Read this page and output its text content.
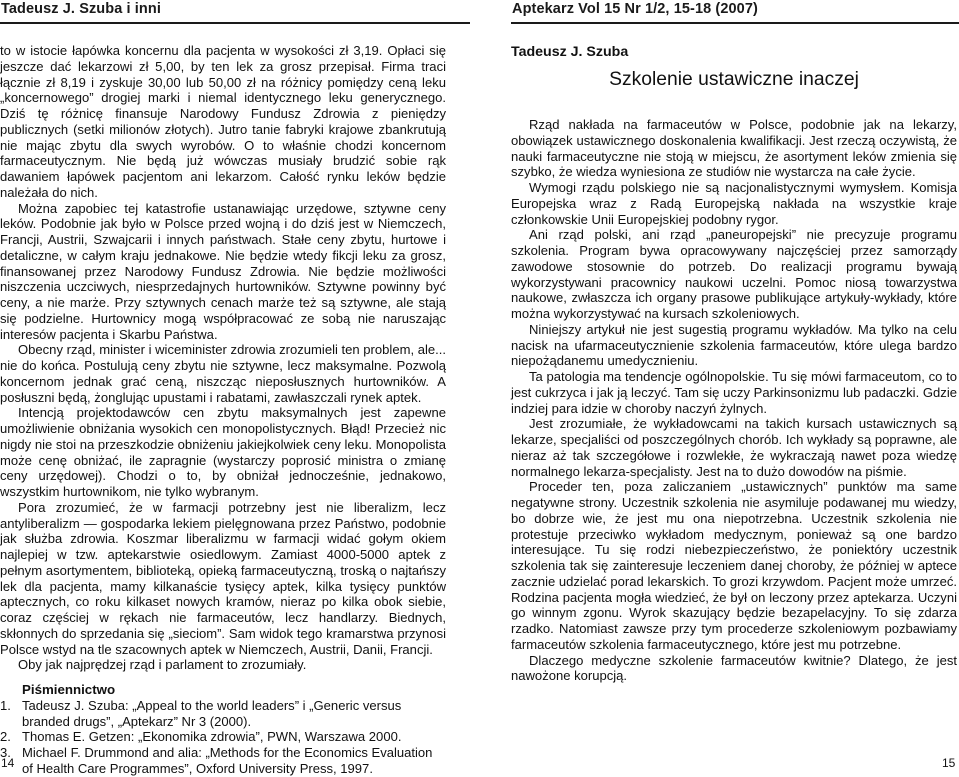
Tadeusz J. Szuba i inni	Aptekarz Vol 15 Nr 1/2, 15-18 (2007)

to w istocie łapówka koncernu dla pacjenta w wysokości zł 3,19. Opłaci się jeszcze dać lekarzowi zł 5,00, by ten lek za grosz przepisał. Firma traci łącznie zł 8,19 i zyskuje 30,00 lub 50,00 zł na różnicy pomiędzy ceną leku „koncernowego” drogiej marki i niemal identycznego leku generycznego. Dziś tę różnicę finansuje Narodowy Fundusz Zdrowia z pieniędzy publicznych (setki milionów złotych). Jutro tanie fabryki krajowe zbankrutują nie mając zbytu dla swych wyrobów. O to właśnie chodzi koncernom farmaceutycznym. Nie będą już wówczas musiały brudzić sobie rąk dawaniem łapówek pacjentom ani lekarzom. Całość rynku leków będzie należała do nich.

Można zapobiec tej katastrofie ustanawiając urzędowe, sztywne ceny leków. Podobnie jak było w Polsce przed wojną i do dziś jest w Niemczech, Francji, Austrii, Szwajcarii i innych państwach. Stałe ceny zbytu, hurtowe i detaliczne, w całym kraju jednakowe. Nie będzie wtedy fikcji leku za grosz, finansowanej przez Narodowy Fundusz Zdrowia. Nie będzie możliwości niszczenia uczciwych, niesprzedajnych hurtowników. Sztywne powinny być ceny, a nie marże. Przy sztywnych cenach marże też są sztywne, ale stają się podzielne. Hurtownicy mogą współpracować ze sobą nie naruszając interesów pacjenta i Skarbu Państwa.

Obecny rząd, minister i wiceminister zdrowia zrozumieli ten problem, ale... nie do końca. Postulują ceny zbytu nie sztywne, lecz maksymalne. Pozwolą koncernom jednak grać ceną, niszcząc nieposłusznych hurtowników. A posłuszni będą, żonglując upustami i rabatami, zawłaszczali rynek aptek.

Intencją projektodawców cen zbytu maksymalnych jest zapewne umożliwienie obniżania wysokich cen monopolistycznych. Błąd! Przecież nic nigdy nie stoi na przeszkodzie obniżeniu jakiejkolwiek ceny leku. Monopolista może cenę obniżać, ile zapragnie (wystarczy poprosić ministra o zmianę ceny urzędowej). Chodzi o to, by obniżał jednocześnie, jednakowo, wszystkim hurtownikom, nie tylko wybranym.

Pora zrozumieć, że w farmacji potrzebny jest nie liberalizm, lecz antyliberalizm — gospodarka lekiem pielęgnowana przez Państwo, podobnie jak służba zdrowia. Koszmar liberalizmu w farmacji widać gołym okiem najlepiej w tzw. aptekarstwie osiedlowym. Zamiast 4000-5000 aptek z pełnym asortymentem, biblioteką, opieką farmaceutyczną, troską o najtańszy lek dla pacjenta, mamy kilkanaście tysięcy aptek, kilka tysięcy punktów aptecznych, co roku kilkaset nowych kramów, nieraz po kilka obok siebie, coraz częściej w rękach nie farmaceutów, lecz handlarzy. Biednych, skłonnych do sprzedania się „sieciom”. Sam widok tego kramarstwa przynosi Polsce wstyd na tle szacownych aptek w Niemczech, Austrii, Danii, Francji.

Oby jak najprędzej rząd i parlament to zrozumiały.

Piśmiennictwo
1. Tadeusz J. Szuba: „Appeal to the world leaders” i „Generic versus branded drugs”, „Aptekarz” Nr 3 (2000).
2. Thomas E. Getzen: „Ekonomika zdrowia”, PWN, Warszawa 2000.
3. Michael F. Drummond and alia: „Methods for the Economics Evaluation of Health Care Programmes”, Oxford University Press, 1997.
Tadeusz J. Szuba
Szkolenie ustawiczne inaczej

Rząd nakłada na farmaceutów w Polsce, podobnie jak na lekarzy, obowiązek ustawicznego doskonalenia kwalifikacji. Jest rzeczą oczywistą, że nauki farmaceutyczne nie stoją w miejscu, że asortyment leków zmienia się szybko, że wiedza wyniesiona ze studiów nie wystarcza na całe życie.

Wymogi rządu polskiego nie są nacjonalistycznymi wymysłem. Komisja Europejska wraz z Radą Europejską nakłada na wszystkie kraje członkowskie Unii Europejskiej podobny rygor.

Ani rząd polski, ani rząd „paneuropejski” nie precyzuje programu szkolenia. Program bywa opracowywany najczęściej przez samorządy zawodowe stosownie do potrzeb. Do realizacji programu bywają wykorzystywani pracownicy naukowi uczelni. Pomoc niosą towarzystwa naukowe, zwłaszcza ich organy prasowe publikujące artykuły-wykłady, które można wykorzystywać na kursach szkoleniowych.

Niniejszy artykuł nie jest sugestią programu wykładów. Ma tylko na celu nacisk na ufarmaceutycznienie szkolenia farmaceutów, które ulega bardzo niepożądanemu umedycznieniu.

Ta patologia ma tendencje ogólnopolskie. Tu się mówi farmaceutom, co to jest cukrzyca i jak ją leczyć. Tam się uczy Parkinsonizmu lub padaczki. Gdzie indziej para idzie w choroby naczyń żylnych.

Jest zrozumiałe, że wykładowcami na takich kursach ustawicznych są lekarze, specjaliści od poszczególnych chorób. Ich wykłady są poprawne, ale nieraz aż tak szczegółowe i rozwlekłe, że wykraczają nawet poza wiedzę normalnego lekarza-specjalisty. Jest na to dużo dowodów na piśmie.

Proceder ten, poza zaliczaniem „ustawicznych” punktów ma same negatywne strony. Uczestnik szkolenia nie asymiluje podawanej mu wiedzy, bo dobrze wie, że jest mu ona niepotrzebna. Uczestnik szkolenia nie protestuje przeciwko wykładom medycznym, ponieważ są one bardzo interesujące. Tu się rodzi niebezpieczeństwo, że poniektóry uczestnik szkolenia tak się zainteresuje leczeniem danej choroby, że później w aptece zacznie udzielać porad lekarskich. To grozi krzywdom. Pacjent może umrzeć. Rodzina pacjenta mogła wiedzieć, że był on leczony przez aptekarza. Uczyni go winnym zgonu. Wyrok skazujący będzie bezapelacyjny. To się zdarza rzadko. Natomiast zawsze przy tym procederze szkoleniowym pozbawiamy farmaceutów szkolenia farmaceutycznego, które jest mu potrzebne.

Dlaczego medyczne szkolenie farmaceutów kwitnie? Dlatego, że jest nawożone korupcją.

14	15
